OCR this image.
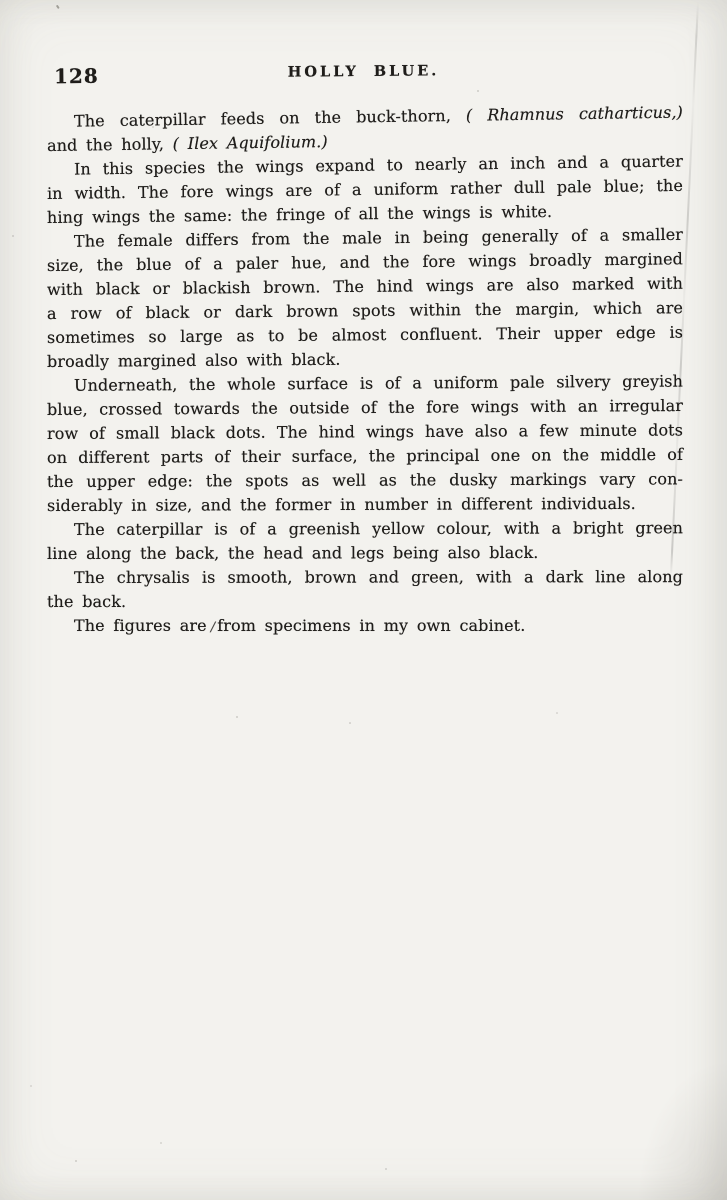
128	HOLLY BLUE.
The caterpillar feeds on the buck-thorn, ( Rhamnus catharticus,)
and the holly, ( Ilex Aquifolium.)
In this species the wings expand to nearly an inch and a quarter
in width. The fore wings are of a uniform rather dull pale blue; the
hing wings the same: the fringe of all the wings is white.
The female differs from the male in being generally of a smaller
size, the blue of a paler hue, and the fore wings broadly margined
with black or blackish brown. The hind wings are also marked with
a row of black or dark brown spots within the margin, which are
sometimes so large as to be almost confluent. Their upper edge is
broadly margined also with black.
Underneath, the whole surface is of a uniform pale silvery greyish
blue, crossed towards the outside of the fore wings with an irregular
row of small black dots. The hind wings have also a few minute dots
on different parts of their surface, the principal one on the middle of
the upper edge: the spots as well as the dusky markings vary con-
siderably in size, and the former in number in different individuals.
The caterpillar is of a greenish yellow colour, with a bright green
line along the back, the head and legs being also black.
The chrysalis is smooth, brown and green, with a dark line along
the back.
The figures are / from specimens in my own cabinet.
